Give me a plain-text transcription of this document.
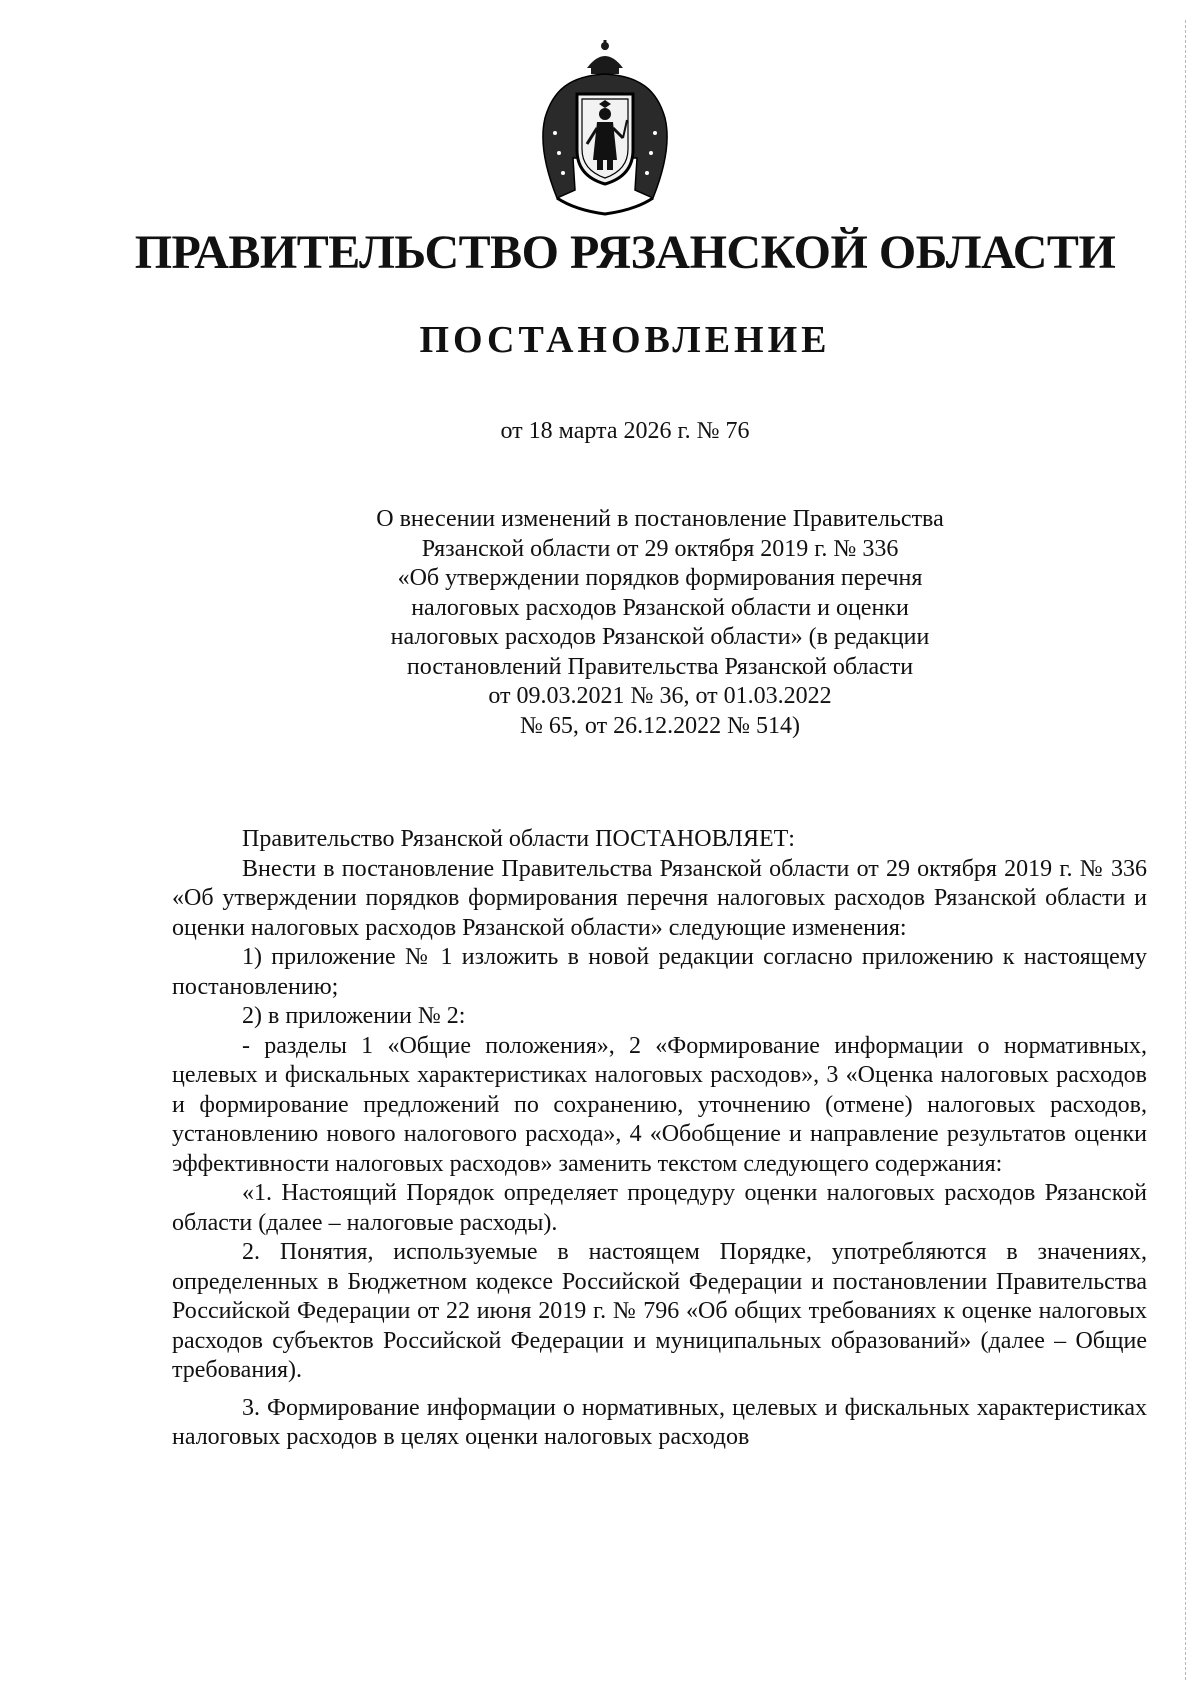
ПРАВИТЕЛЬСТВО РЯЗАНСКОЙ ОБЛАСТИ
ПОСТАНОВЛЕНИЕ
от 18 марта 2026 г. № 76
О внесении изменений в постановление Правительства
Рязанской области от 29 октября 2019 г. № 336
«Об утверждении порядков формирования перечня
налоговых расходов Рязанской области и оценки
налоговых расходов Рязанской области» (в редакции
постановлений Правительства Рязанской области
от 09.03.2021 № 36, от 01.03.2022
№ 65, от 26.12.2022 № 514)

Правительство Рязанской области ПОСТАНОВЛЯЕТ:

Внести в постановление Правительства Рязанской области от 29 октября 2019 г. № 336 «Об утверждении порядков формирования перечня налоговых расходов Рязанской области и оценки налоговых расходов Рязанской области» следующие изменения:

1) приложение № 1 изложить в новой редакции согласно приложению к настоящему постановлению;

2) в приложении № 2:

- разделы 1 «Общие положения», 2 «Формирование информации о нормативных, целевых и фискальных характеристиках налоговых расходов», 3 «Оценка налоговых расходов и формирование предложений по сохранению, уточнению (отмене) налоговых расходов, установлению нового налогового расхода», 4 «Обобщение и направление результатов оценки эффективности налоговых расходов» заменить текстом следующего содержания:

«1. Настоящий Порядок определяет процедуру оценки налоговых расходов Рязанской области (далее – налоговые расходы).

2. Понятия, используемые в настоящем Порядке, употребляются в значениях, определенных в Бюджетном кодексе Российской Федерации и постановлении Правительства Российской Федерации от 22 июня 2019 г. № 796 «Об общих требованиях к оценке налоговых расходов субъектов Российской Федерации и муниципальных образований» (далее – Общие требования).

3. Формирование информации о нормативных, целевых и фискальных характеристиках налоговых расходов в целях оценки налоговых расходов
